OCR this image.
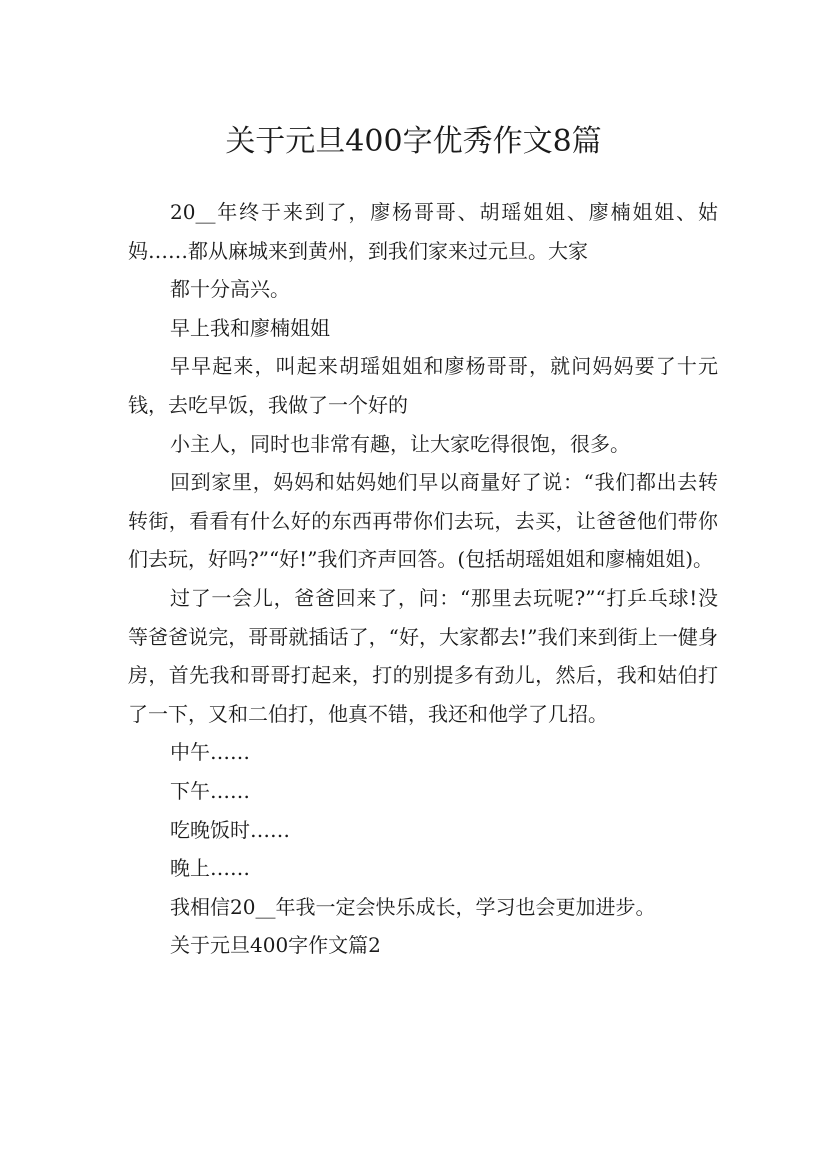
关于元旦400字优秀作文8篇

20__年终于来到了，廖杨哥哥、胡瑶姐姐、廖楠姐姐、姑妈……都从麻城来到黄州，到我们家来过元旦。大家

都十分高兴。

早上我和廖楠姐姐

早早起来，叫起来胡瑶姐姐和廖杨哥哥，就问妈妈要了十元钱，去吃早饭，我做了一个好的

小主人，同时也非常有趣，让大家吃得很饱，很多。

回到家里，妈妈和姑妈她们早以商量好了说：“我们都出去转转街，看看有什么好的东西再带你们去玩，去买，让爸爸他们带你们去玩，好吗?”“好!”我们齐声回答。(包括胡瑶姐姐和廖楠姐姐)。

过了一会儿，爸爸回来了，问：“那里去玩呢?”“打乒乓球!没等爸爸说完，哥哥就插话了，“好，大家都去!”我们来到街上一健身房，首先我和哥哥打起来，打的别提多有劲儿，然后，我和姑伯打了一下，又和二伯打，他真不错，我还和他学了几招。

中午……

下午……

吃晚饭时……

晚上……

我相信20__年我一定会快乐成长，学习也会更加进步。

关于元旦400字作文篇2
